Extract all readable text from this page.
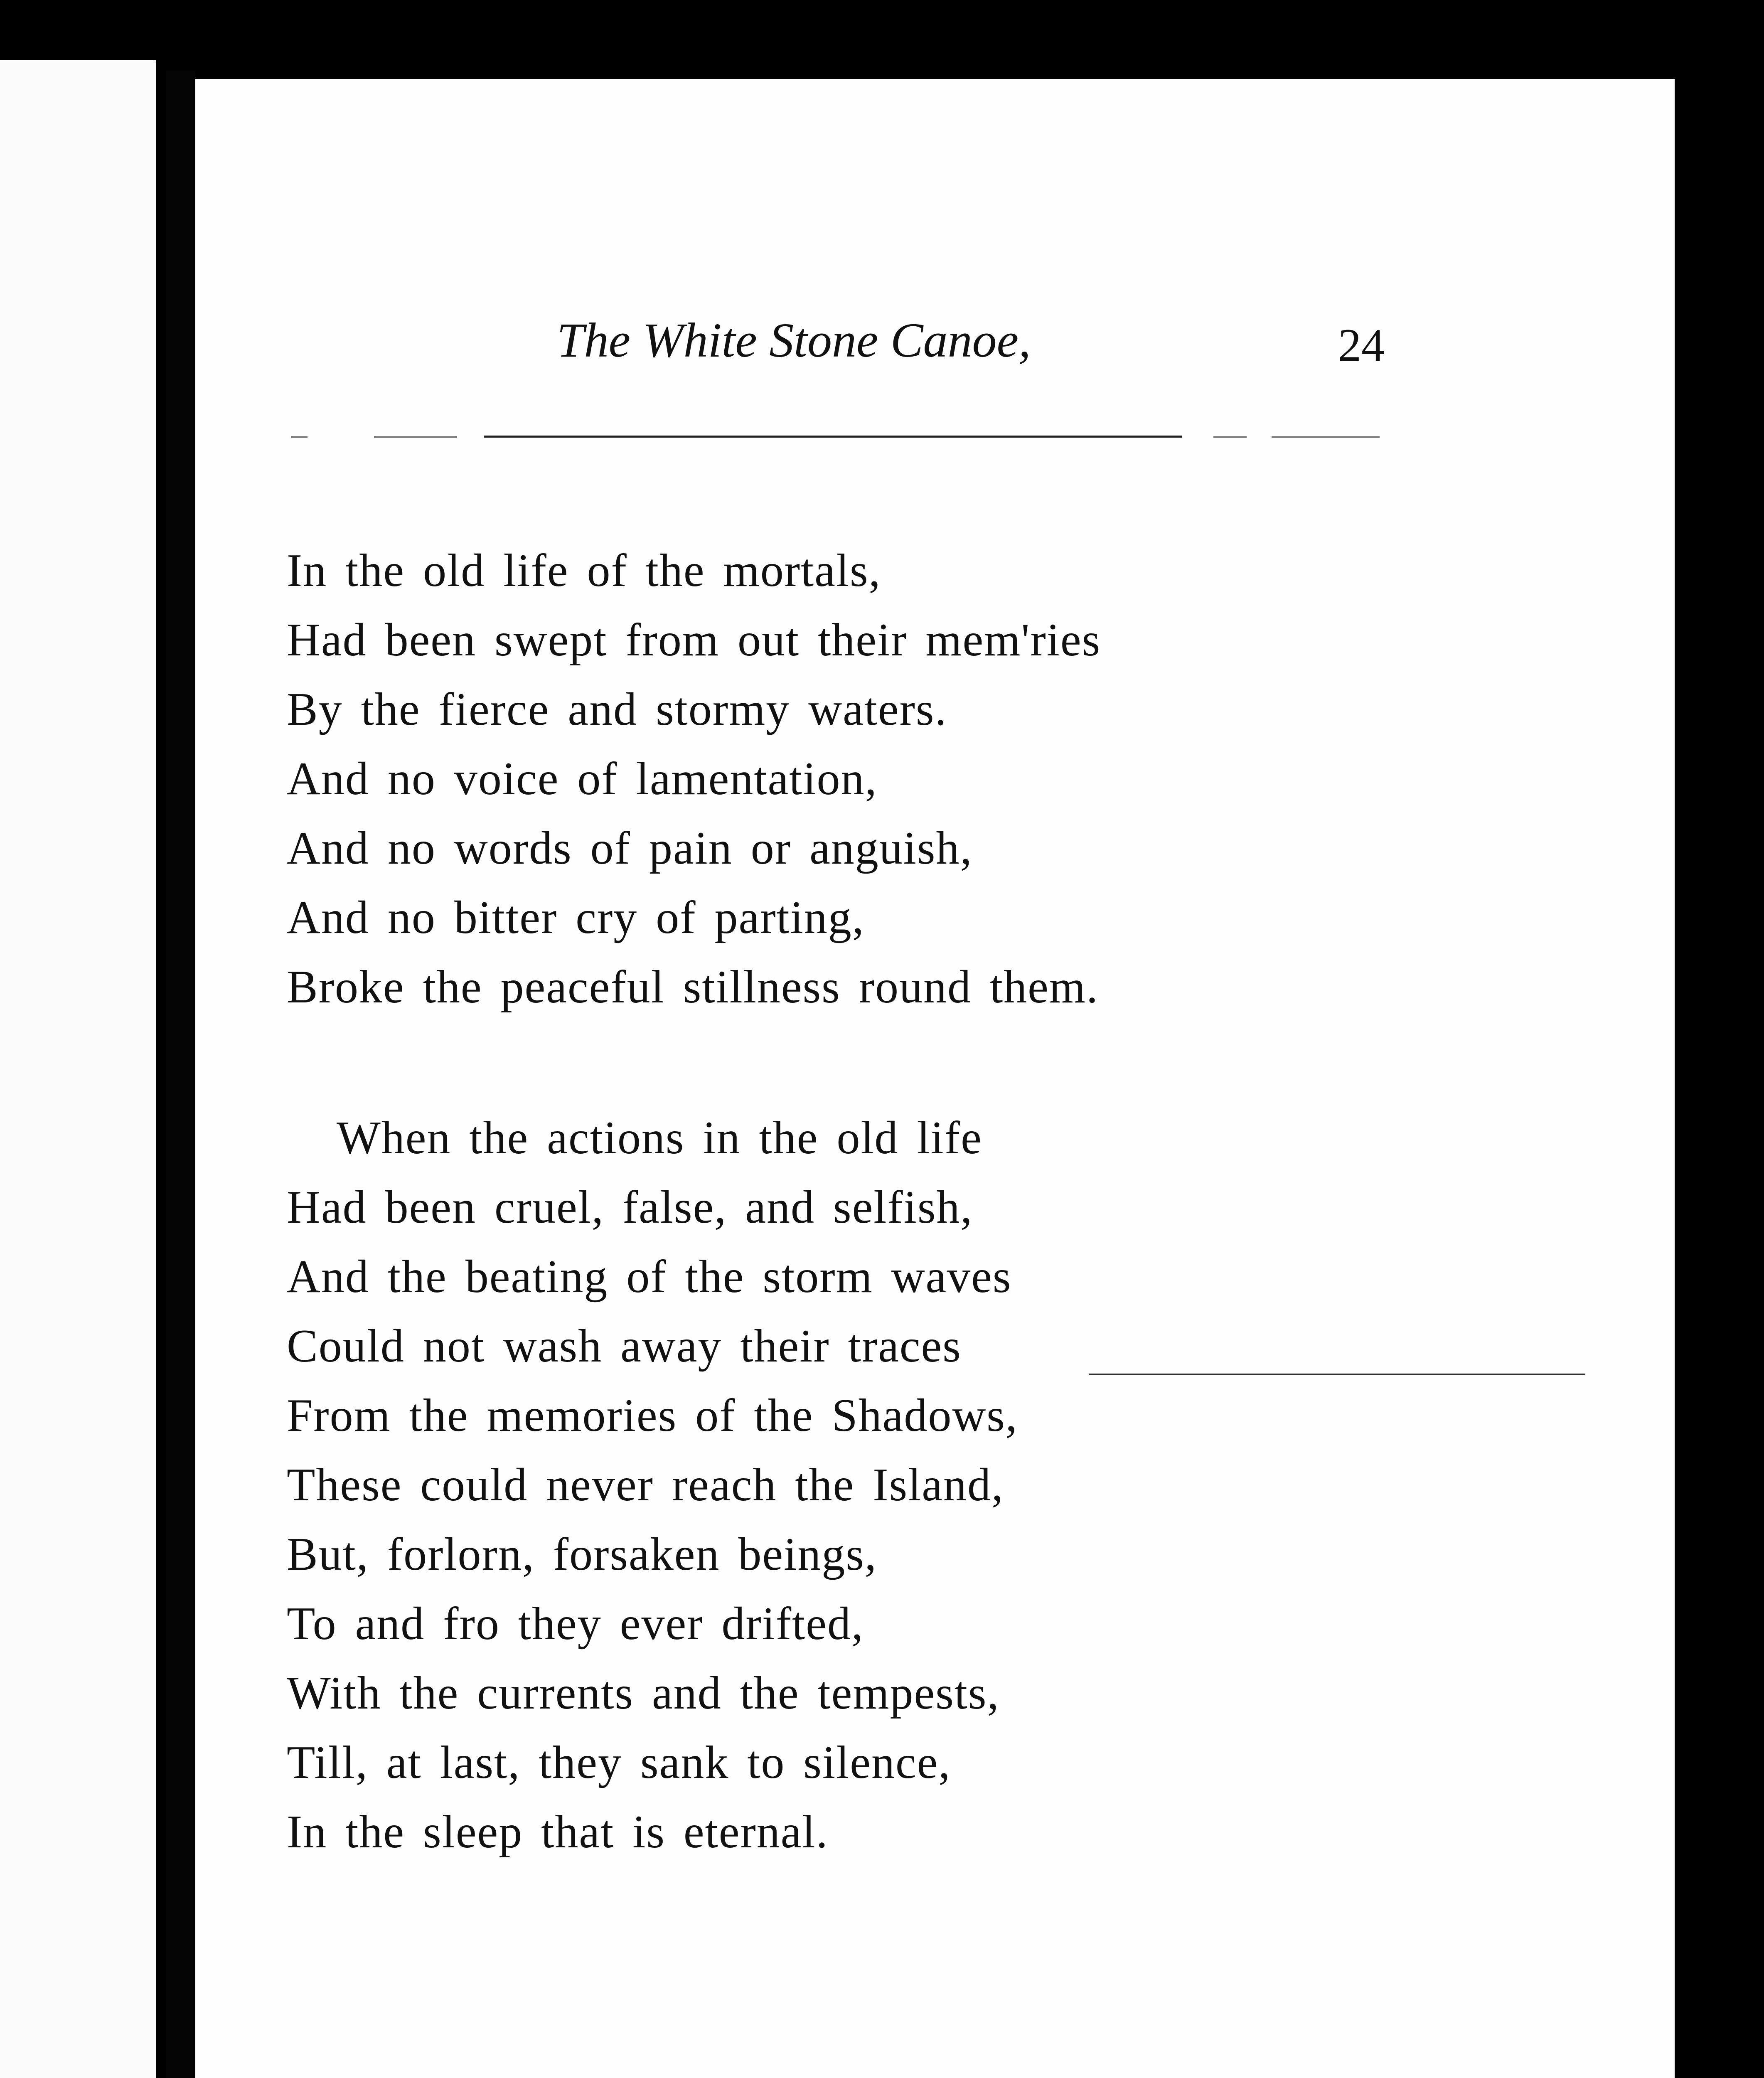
The White Stone Canoe,	24
In the old life of the mortals,
Had been swept from out their mem'ries
By the fierce and stormy waters.
And no voice of lamentation,
And no words of pain or anguish,
And no bitter cry of parting,
Broke the peaceful stillness round them.
When the actions in the old life
Had been cruel, false, and selfish,
And the beating of the storm waves
Could not wash away their traces
From the memories of the Shadows,
These could never reach the Island,
But, forlorn, forsaken beings,
To and fro they ever drifted,
With the currents and the tempests,
Till, at last, they sank to silence,
In the sleep that is eternal.
